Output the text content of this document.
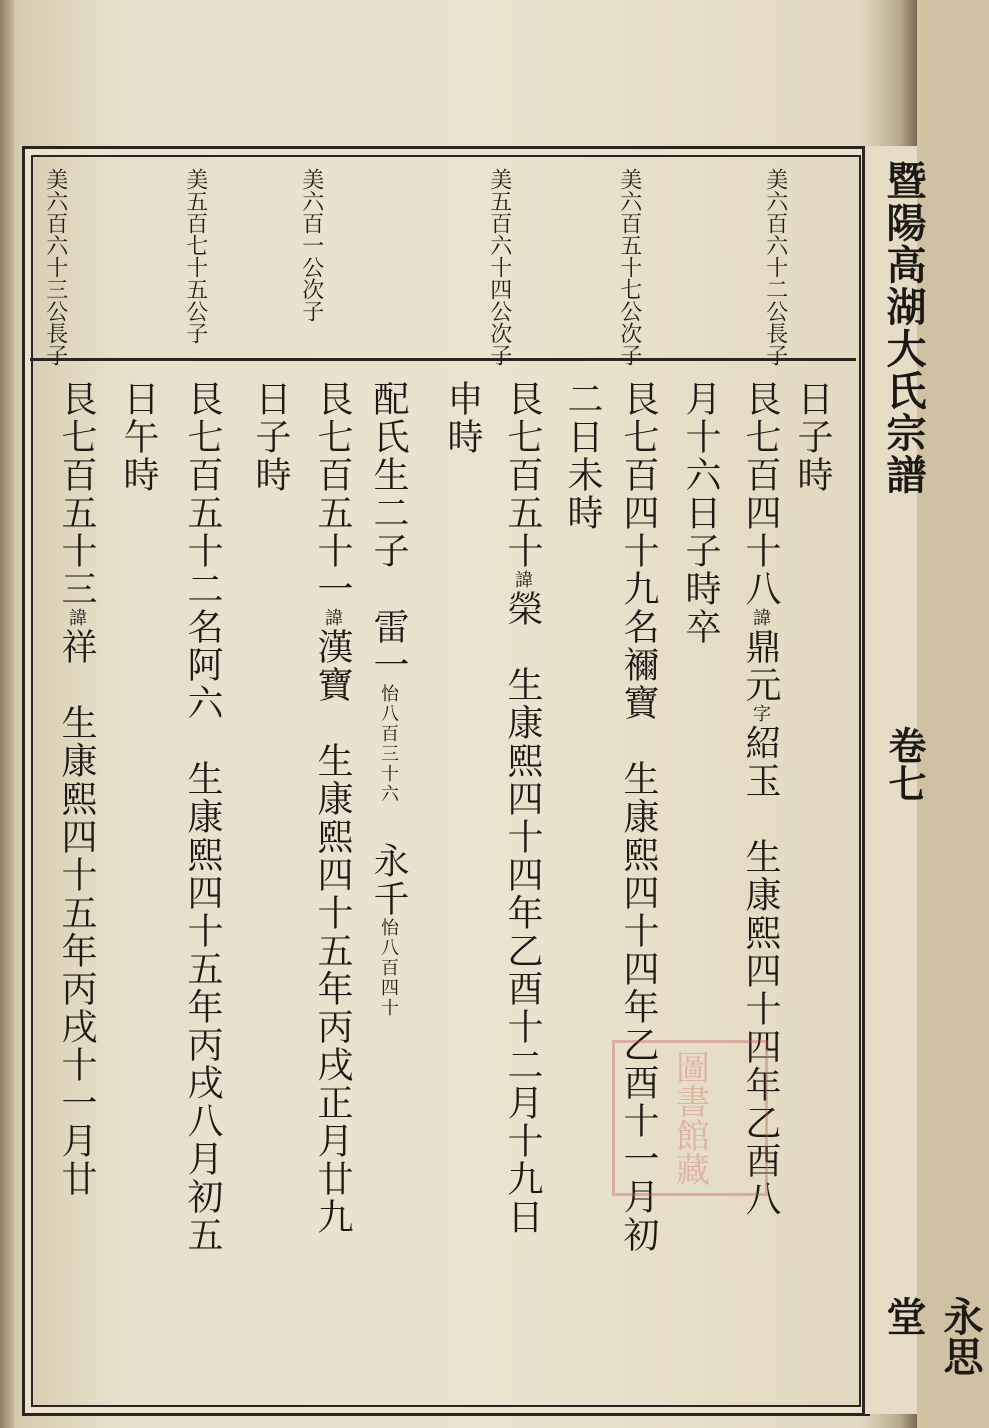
暨陽高湖大氏宗譜
卷七
永思堂
美六百六十二公長子
美六百五十七公次子
美五百六十四公次子
美六百一公次子
美五百七十五公子
美六百六十三公長子
日子時
艮七百四十八諱鼎元字紹玉　生康熙四十四年乙酉八
月十六日子時卒
艮七百四十九名禰寶　生康熙四十四年乙酉十一月初
二日未時
艮七百五十諱榮　生康熙四十四年乙酉十二月十九日
申時
配氏生二子　雷一怡八百三十六　永千怡八百四十
艮七百五十一諱漢寶　生康熙四十五年丙戌正月廿九
日子時
艮七百五十二名阿六　生康熙四十五年丙戌八月初五
日午時
艮七百五十三諱祥　生康熙四十五年丙戌十一月廿	圖書館藏
